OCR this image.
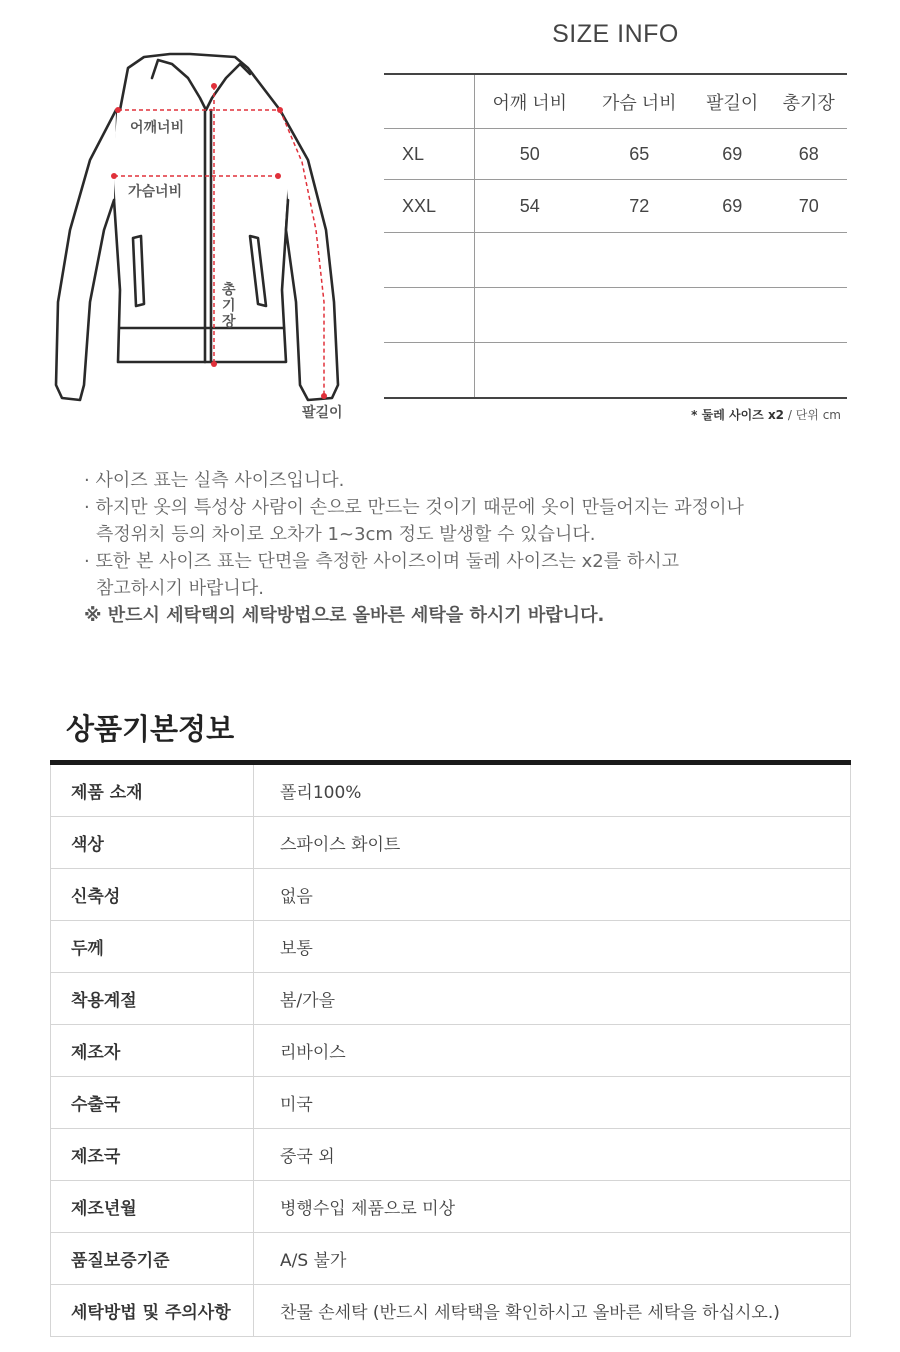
어깨너비
가슴너비
총
기
장
팔길이
SIZE INFO
	어깨 너비	가슴 너비	팔길이	총기장
XL	50	65	69	68
XXL	54	72	69	70

* 둘레 사이즈 x2 / 단위 cm
· 사이즈 표는 실측 사이즈입니다.
· 하지만 옷의 특성상 사람이 손으로 만드는 것이기 때문에 옷이 만들어지는 과정이나
측정위치 등의 차이로 오차가 1~3cm 정도 발생할 수 있습니다.
· 또한 본 사이즈 표는 단면을 측정한 사이즈이며 둘레 사이즈는 x2를 하시고
참고하시기 바랍니다.
※ 반드시 세탁택의 세탁방법으로 올바른 세탁을 하시기 바랍니다.
상품기본정보
제품 소재	폴리100%
색상	스파이스 화이트
신축성	없음
두께	보통
착용계절	봄/가을
제조자	리바이스
수출국	미국
제조국	중국 외
제조년월	병행수입 제품으로 미상
품질보증기준	A/S 불가
세탁방법 및 주의사항	찬물 손세탁 (반드시 세탁택을 확인하시고 올바른 세탁을 하십시오.)
